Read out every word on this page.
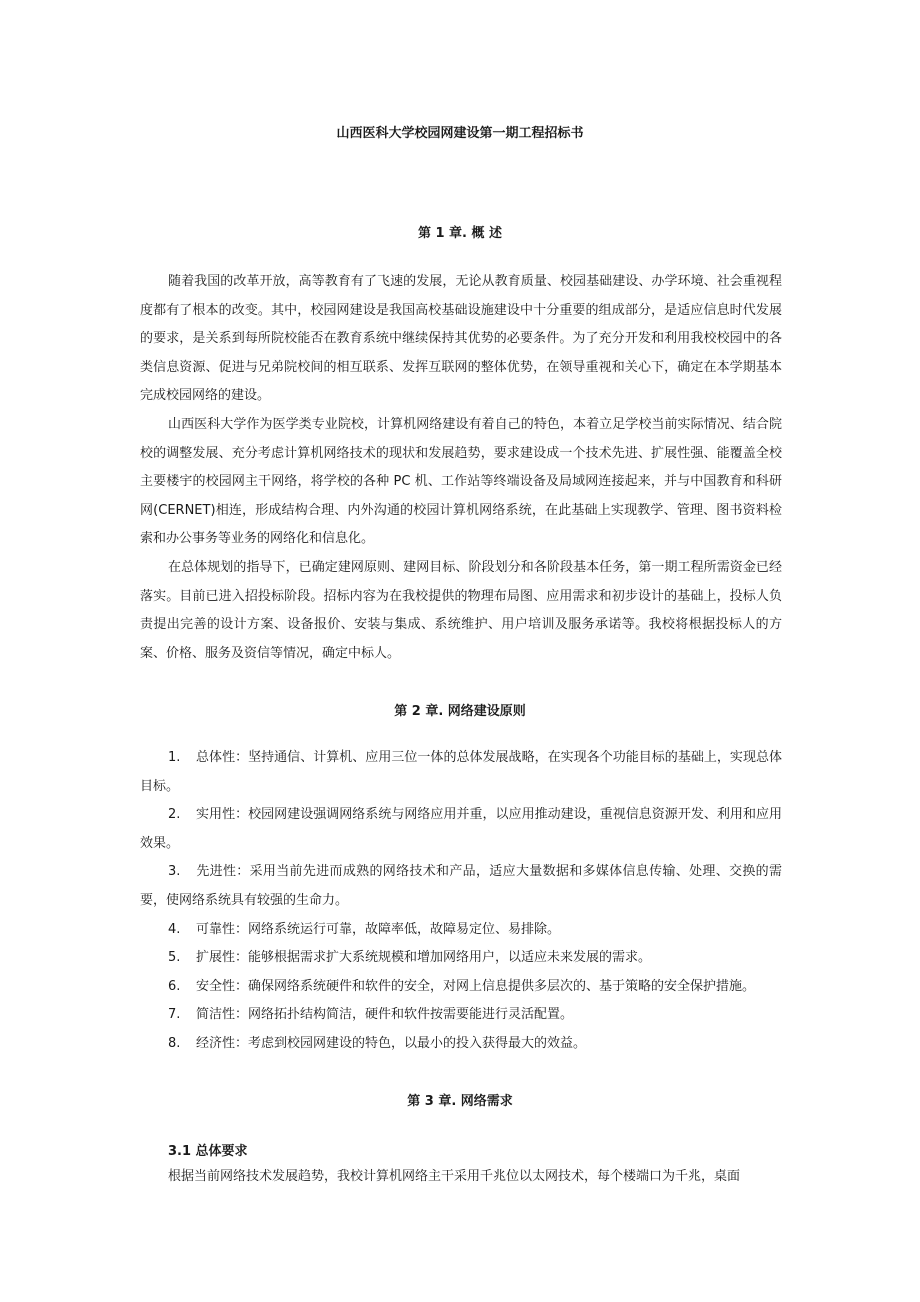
山西医科大学校园网建设第一期工程招标书
第 1 章. 概 述

随着我国的改革开放，高等教育有了飞速的发展，无论从教育质量、校园基础建设、办学环境、社会重视程度都有了根本的改变。其中，校园网建设是我国高校基础设施建设中十分重要的组成部分，是适应信息时代发展的要求，是关系到每所院校能否在教育系统中继续保持其优势的必要条件。为了充分开发和利用我校校园中的各类信息资源、促进与兄弟院校间的相互联系、发挥互联网的整体优势，在领导重视和关心下，确定在本学期基本完成校园网络的建设。

山西医科大学作为医学类专业院校，计算机网络建设有着自己的特色，本着立足学校当前实际情况、结合院校的调整发展、充分考虑计算机网络技术的现状和发展趋势，要求建设成一个技术先进、扩展性强、能覆盖全校主要楼宇的校园网主干网络，将学校的各种 PC 机、工作站等终端设备及局域网连接起来，并与中国教育和科研网(CERNET)相连，形成结构合理、内外沟通的校园计算机网络系统，在此基础上实现教学、管理、图书资料检索和办公事务等业务的网络化和信息化。

在总体规划的指导下，已确定建网原则、建网目标、阶段划分和各阶段基本任务，第一期工程所需资金已经落实。目前已进入招投标阶段。招标内容为在我校提供的物理布局图、应用需求和初步设计的基础上，投标人负责提出完善的设计方案、设备报价、安装与集成、系统维护、用户培训及服务承诺等。我校将根据投标人的方案、价格、服务及资信等情况，确定中标人。

第 2 章. 网络建设原则
1. 总体性：坚持通信、计算机、应用三位一体的总体发展战略，在实现各个功能目标的基础上，实现总体目标。
2. 实用性：校园网建设强调网络系统与网络应用并重，以应用推动建设，重视信息资源开发、利用和应用效果。
3. 先进性：采用当前先进而成熟的网络技术和产品，适应大量数据和多媒体信息传输、处理、交换的需要，使网络系统具有较强的生命力。
4. 可靠性：网络系统运行可靠，故障率低，故障易定位、易排除。
5. 扩展性：能够根据需求扩大系统规模和增加网络用户，以适应未来发展的需求。
6. 安全性：确保网络系统硬件和软件的安全，对网上信息提供多层次的、基于策略的安全保护措施。
7. 简洁性：网络拓扑结构简洁，硬件和软件按需要能进行灵活配置。
8. 经济性：考虑到校园网建设的特色，以最小的投入获得最大的效益。
第 3 章. 网络需求
3.1 总体要求

根据当前网络技术发展趋势，我校计算机网络主干采用千兆位以太网技术，每个楼端口为千兆，桌面
